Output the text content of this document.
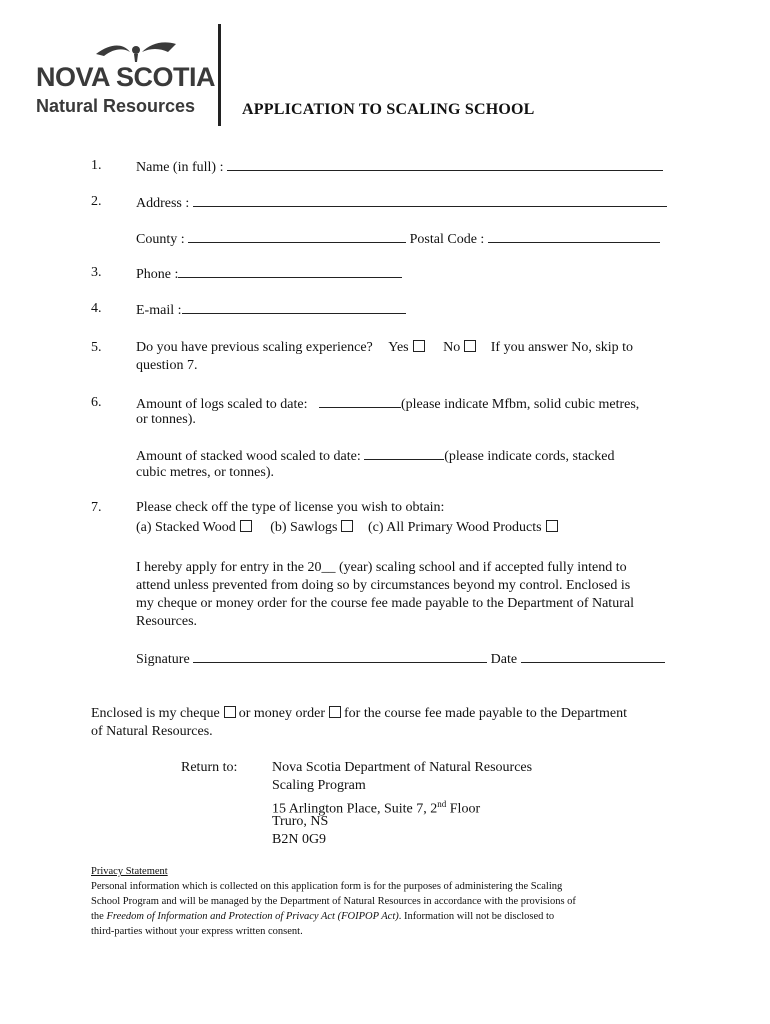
NOVA SCOTIA
Natural Resources	APPLICATION TO SCALING SCHOOL
1. Name (in full) :
2. Address :
County :	Postal Code :
3. Phone :
4. E-mail :
5. Do you have previous scaling experience? Yes No If you answer No, skip to
question 7.
6. Amount of logs scaled to date:	(please indicate Mfbm, solid cubic metres,
or tonnes).
Amount of stacked wood scaled to date:	(please indicate cords, stacked
cubic metres, or tonnes).
7. Please check off the type of license you wish to obtain:
(a) Stacked Wood (b) Sawlogs (c) All Primary Wood Products
I hereby apply for entry in the 20__ (year) scaling school and if accepted fully intend to
attend unless prevented from doing so by circumstances beyond my control. Enclosed is
my cheque or money order for the course fee made payable to the Department of Natural
Resources.
Signature	Date
Enclosed is my cheque or money order for the course fee made payable to the Department
of Natural Resources.
Return to: Nova Scotia Department of Natural Resources
Scaling Program
15 Arlington Place, Suite 7, 2nd Floor
Truro, NS
B2N 0G9
Privacy Statement
Personal information which is collected on this application form is for the purposes of administering the Scaling
School Program and will be managed by the Department of Natural Resources in accordance with the provisions of
the Freedom of Information and Protection of Privacy Act (FOIPOP Act). Information will not be disclosed to
third-parties without your express written consent.
